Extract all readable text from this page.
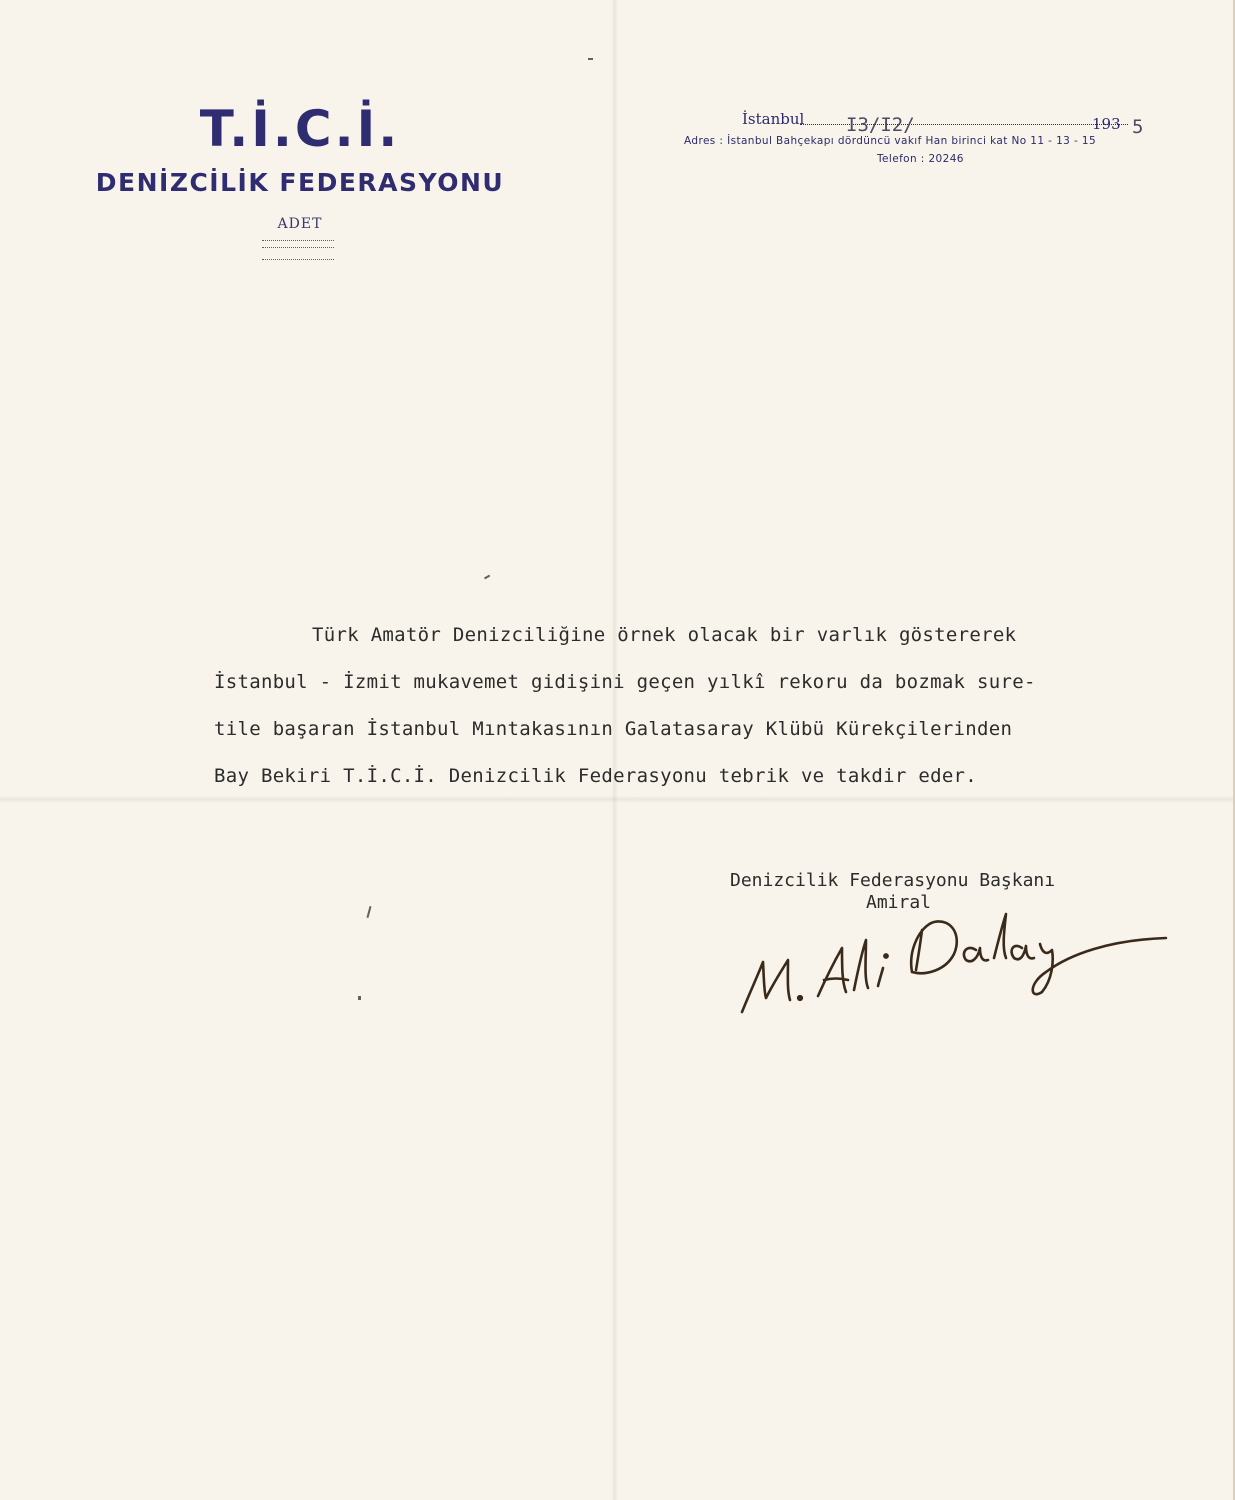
T.İ.C.İ.
DENİZCİLİK FEDERASYONU
ADET
İstanbul I3/I2/	193 5
Adres : İstanbul Bahçekapı dördüncü vakıf Han birinci kat No 11 - 13 - 15
Telefon : 20246
Türk Amatör Denizciliğine örnek olacak bir varlık göstererek
İstanbul - İzmit mukavemet gidişini geçen yılkî rekoru da bozmak sure-
tile başaran İstanbul Mıntakasının Galatasaray Klübü Kürekçilerinden
Bay Bekiri T.İ.C.İ. Denizcilik Federasyonu tebrik ve takdir eder.
Denizcilik Federasyonu Başkanı
Amiral
